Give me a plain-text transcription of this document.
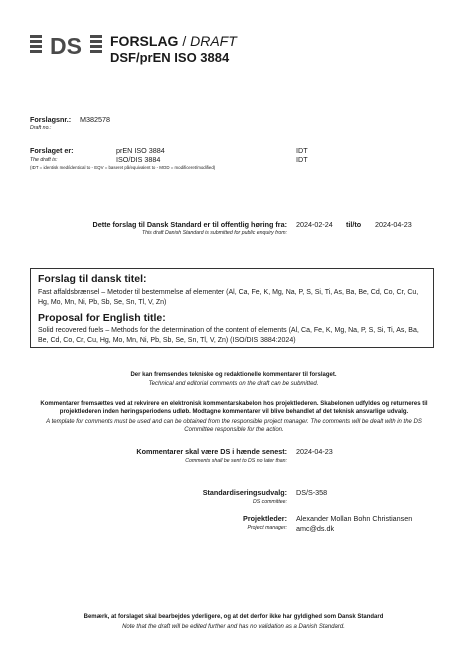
DS FORSLAG / DRAFT
DSF/prEN ISO 3884
Forslagsnr.: M382578
Draft no.:
Forslaget er:	prEN ISO 3884	IDT
The draft is:	ISO/DIS 3884	IDT
(IDT = identisk med/identical to - EQV = baseret på/equivalent to - MOD = modificeret/modified)
Dette forslag til Dansk Standard er til offentlig høring fra: 2024-02-24 til/to 2024-04-23
This draft Danish Standard is submitted for public enquiry from:
Forslag til dansk titel:
Fast affaldsbrænsel – Metoder til bestemmelse af elementer (Al, Ca, Fe, K, Mg, Na, P, S, Si, Ti, As, Ba, Be, Cd, Co, Cr, Cu, Hg, Mo, Mn, Ni, Pb, Sb, Se, Sn, Tl, V, Zn)
Proposal for English title:
Solid recovered fuels – Methods for the determination of the content of elements (Al, Ca, Fe, K, Mg, Na, P, S, Si, Ti, As, Ba, Be, Cd, Co, Cr, Cu, Hg, Mo, Mn, Ni, Pb, Sb, Se, Sn, Tl, V, Zn) (ISO/DIS 3884:2024)
Der kan fremsendes tekniske og redaktionelle kommentarer til forslaget.
Technical and editorial comments on the draft can be submitted.
Kommentarer fremsættes ved at rekvirere en elektronisk kommentarskabelon hos projektlederen. Skabelonen udfyldes og returneres til projektlederen inden høringsperiodens udløb. Modtagne kommentarer vil blive behandlet af det teknisk ansvarlige udvalg.
A template for comments must be used and can be obtained from the responsible project manager. The comments will be dealt with in the DS Committee responsible for the action.
Kommentarer skal være DS i hænde senest: 2024-04-23
Comments shall be sent to DS no later than:
Standardiseringsudvalg: DS/S-358
DS committee:
Projektleder: Alexander Mollan Bohn Christiansen
Project manager: amc@ds.dk
Bemærk, at forslaget skal bearbejdes yderligere, og at det derfor ikke har gyldighed som Dansk Standard
Note that the draft will be edited further and has no validation as a Danish Standard.
